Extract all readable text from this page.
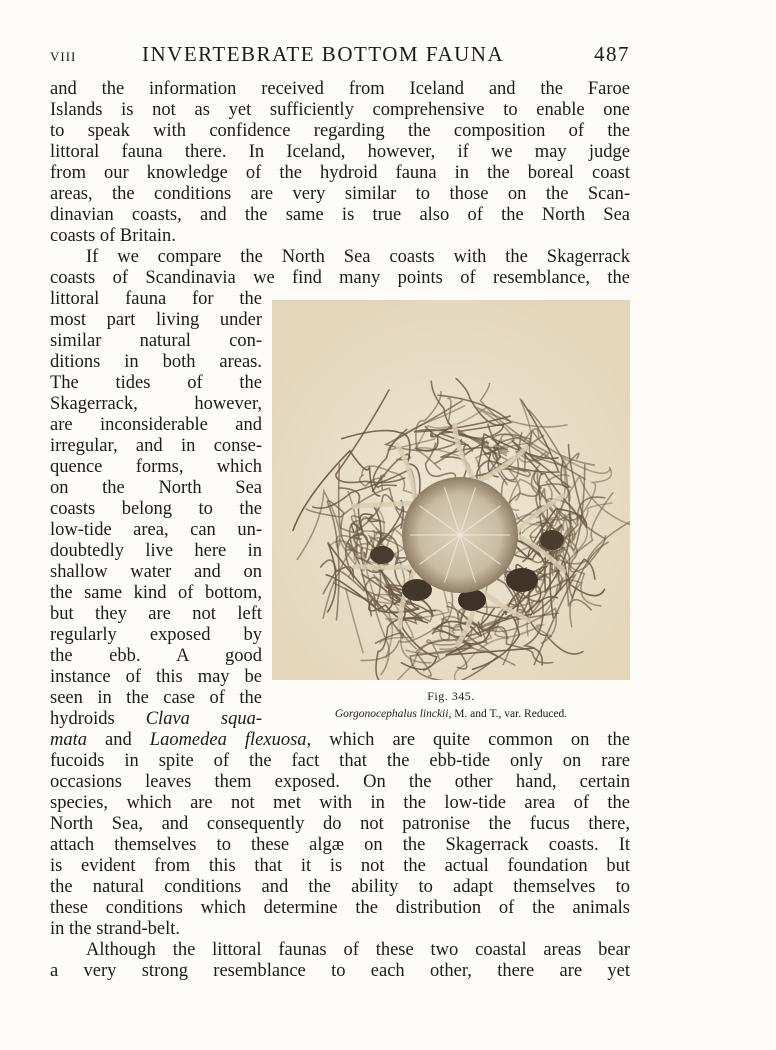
VIII	INVERTEBRATE BOTTOM FAUNA	487
and the information received from Iceland and the Faroe
Islands is not as yet sufficiently comprehensive to enable one
to speak with confidence regarding the composition of the
littoral fauna there. In Iceland, however, if we may judge
from our knowledge of the hydroid fauna in the boreal coast
areas, the conditions are very similar to those on the Scan-
dinavian coasts, and the same is true also of the North Sea
coasts of Britain.
If we compare the North Sea coasts with the Skagerrack
coasts of Scandinavia we find many points of resemblance, the
littoral fauna for the
most part living under
similar natural con-
ditions in both areas.
The tides of the
Skagerrack, however,
are inconsiderable and
irregular, and in conse-
quence forms, which
on the North Sea
coasts belong to the
low-tide area, can un-
doubtedly live here in
shallow water and on
the same kind of bottom,
but they are not left
regularly exposed by
the ebb. A good
instance of this may be
seen in the case of the
hydroids Clava squa-
mata and Laomedea flexuosa, which are quite common on the
fucoids in spite of the fact that the ebb-tide only on rare
occasions leaves them exposed. On the other hand, certain
species, which are not met with in the low-tide area of the
North Sea, and consequently do not patronise the fucus there,
attach themselves to these algæ on the Skagerrack coasts. It
is evident from this that it is not the actual foundation but
the natural conditions and the ability to adapt themselves to
these conditions which determine the distribution of the animals
in the strand-belt.
Although the littoral faunas of these two coastal areas bear
a very strong resemblance to each other, there are yet
Fig. 345.
Gorgonocephalus linckii, M. and T., var. Reduced.
